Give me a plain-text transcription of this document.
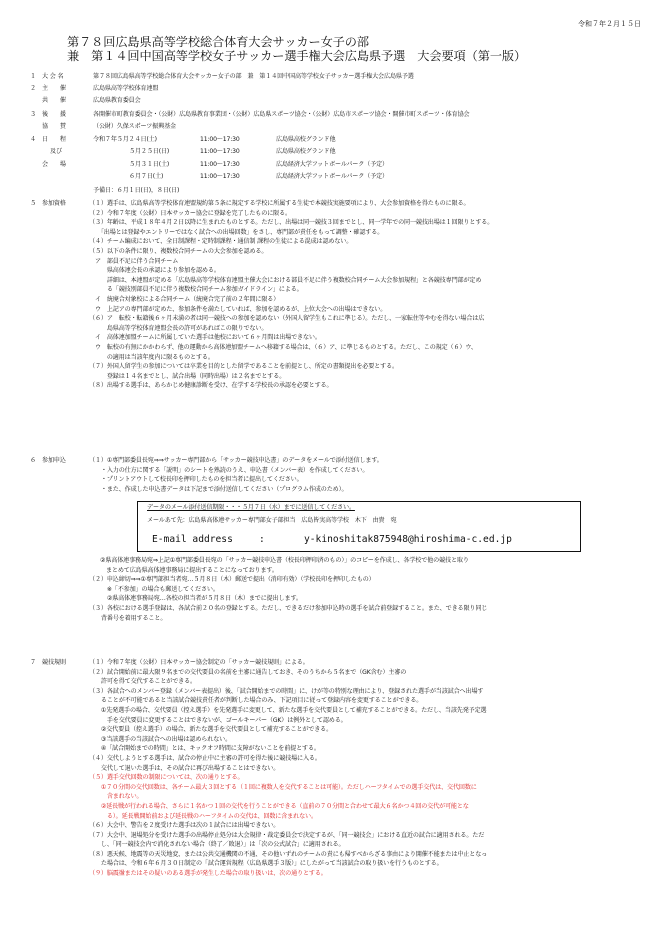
令和７年２月１５日
第７８回広島県高等学校総合体育大会サッカー女子の部
兼　第１４回中国高等学校女子サッカー選手権大会広島県予選　大会要項（第一版）
１ 大 会 名	第７８回広島県高等学校総合体育大会サッカー女子の部　兼　第１４回中国高等学校女子サッカー選手権大会広島県予選
２ 主　　催	広島県高等学校体育連盟
共　　催	広島県教育委員会
３ 後　　援	各開催市町教育委員会・（公財）広島県教育事業団・（公財）広島県スポーツ協会・（公財）広島市スポーツ協会・開催市町スポーツ・体育協会
協　　賛	（公財）久保スポーツ振興基金
４ 日　　程
及び
会　　場
令和７年５月２４日(土)	11:00～17:30	広島県高校グランド他
５月２５日(日)	11:00～17:30	広島県高校グランド他
５月３１日(土)	11:00～17:30	広島経済大学フットボールパーク（予定）
６月７日(土)	11:00～17:30	広島経済大学フットボールパーク（予定）
予備日：６月１日(日)，８日(日)
５ 参加資格	（１）選手は、広島県高等学校体育連盟規約第５条に規定する学校に所属する生徒で本競技実施要項により、大会参加資格を得たものに限る。
（２）令和７年度（公財）日本サッカー協会に登録を完了したものに限る。
（３）年齢は、平成１８年４月２日以降に生まれたものとする。ただし、出場は同一競技３回までとし、同一学年での同一競技出場は１回限りとする。
　　「出場とは登録やエントリーではなく試合への出場回数」をさし、専門部が責任をもって調整・確認する。
（４）チーム編成において、全日制課程・定時制課程・通信制 課程の生徒による混成は認めない。
（５）以下の条件に限り、複数校合同チームの大会参加を認める。
　ア　部員不足に伴う合同チーム
　　　県高体連会長の承認により参加を認める。
　　　詳細は、本連盟が定める「広島県高等学校体育連盟主催大会における部員不足に伴う複数校合同チーム大会参加規程」と各競技専門部が定め
　　　る「競技別部員不足に伴う複数校合同チーム参加ガイドライン」による。
　イ　統廃合対象校による合同チーム（統廃合完了前の２年間に限る）
　ウ　上記アの専門部が定めた、参加条件を満たしていれば、参加を認めるが、上位大会への出場はできない。
（６）ア　転校・転籍後６ヶ月未満の者は同一競技への参加を認めない（外国人留学生もこれに準じる）。ただし、一家転住等やむを得ない場合は広
　　　島県高等学校体育連盟会長の許可があればこの限りでない。
　イ　高体連加盟チームに所属していた選手は他校において６ヶ月間は出場できない。
　ウ　転校の有無にかかわらず、他の運動から高体連加盟チームへ移籍する場合は、（６）ア、に準じるものとする。ただし、この規定（６）ウ、
　　　の適用は当該年度内に限るものとする。
（７）外国人留学生の参加については卒業を目的とした留学であることを前提とし、所定の書類提出を必要とする。
　　　登録は１４名までとし、試合出場（同時出場）は２名までとする。
（８）出場する選手は、あらかじめ健康診断を受け、在学する学校長の承認を必要とする。
６ 参加申込	（１）①専門部委員長宛⇒⇒サッカー専門部から「サッカー競技申込書」のデータをメールで添付送信します。
　　・入力の仕方に関する「説明」のシートを熟読のうえ、申込書（メンバー表）を作成してください。
　　・プリントアウトして校長印を押印したものを担当者に提出してください。
　　・また、作成した申込書データは下記まで添付送信してください（プログラム作成のため）。
データのメール添付送信期限・・・５月７日（水）までに送信してください。
メールあて先：広島県高体連サッカー専門部女子部担当　広島皆実高等学校　木下　由貴　宛
E-mail address	:	y-kinoshitak875948@hiroshima-c.ed.jp
②県高体連事務局宛⇒上記①専門部委員長宛の「サッカー競技申込書（校長印押印済のもの）」のコピーを作成し、各学校で他の競技と取り
　まとめて広島県高体連事務局に提出することになっております。
（２）申込締切⇒⇒①専門部担当者宛…５月８日（木）郵送で提出（消印有効）（学校長印を押印したもの）
　　　※「不参加」の場合も郵送してください。
　　　②県高体連事務局宛…各校の担当者が５月８日（木）までに提出します。
（３）各校における選手登録は、各試合前２０名の登録とする。ただし、できるだけ参加申込時の選手を試合前登録すること。また、できる限り同じ
　　背番号を着用すること。
７ 競技規則	（１）令和７年度（公財）日本サッカー協会制定の「サッカー競技規則」による。
（２）試合開始前に最大限９名までの交代要員の名前を主審に通告しておき、そのうちから５名まで（GK含む）主審の
　　許可を得て交代することができる。
（３）各試合へのメンバー登録（メンバー表提出）後、「試合開始までの時間」に、けが等の特別な理由により、登録された選手が当該試合へ出場す
　　ることが不可能であると当該試合競技責任者が判断した場合のみ、下記項目に従って登録内容を変更することができる。
　　①先発選手の場合、交代要員（控え選手）を先発選手に変更して、新たな選手を交代要員として補充することができる。ただし、当該先発予定選
　　　手を交代要員に変更することはできないが、ゴールキーパー（GK）は例外として認める。
　　②交代要員（控え選手）の場合、新たな選手を交代要員として補充することができる。
　　③当該選手の当該試合への出場は認められない。
　　④「試合開始までの時間」とは、キックオフ時間に支障がないことを前提とする。
（４）交代しようとする選手は、試合の停止中に主審の許可を得た後に競技場に入る。
　　交代して退いた選手は、その試合に再び出場することはできない。
（５）選手交代回数の制限については、次の通りとする。
　　①７０分間の交代回数は、各チーム最大３回とする（１回に複数人を交代することは可能）。ただしハーフタイムでの選手交代は、交代回数に
　　　含まれない。
　　②延長戦が行われる場合、さらに１名かつ１回の交代を行うことができる（直前の７０分間と合わせて最大６名かつ４回の交代が可能とな
　　　る）。延長戦開始前および延長戦のハーフタイムの交代は、回数に含まれない。
（６）大会中、警告を２度受けた選手は次の１試合には出場できない。
（７）大会中、退場処分を受けた選手の出場停止処分は大会規律・裁定委員会で決定するが、「同一競技会」における直近の試合に適用される。ただ
　　し、「同一競技会内で消化されない場合（終了／敗退）」は「次の公式試合」に適用される。
（８）悪天候、地震等の天災地変、または公共交通機関の不通、その他いずれのチームの責にも帰すべからざる事由により開催不能または中止となっ
　　た場合は、令和６年６月３０日制定の「試合運営規程（広島県選手３版）」にしたがって当該試合の取り扱いを行うものとする。
（９）脳震盪またはその疑いのある選手が発生した場合の取り扱いは、次の通りとする。
